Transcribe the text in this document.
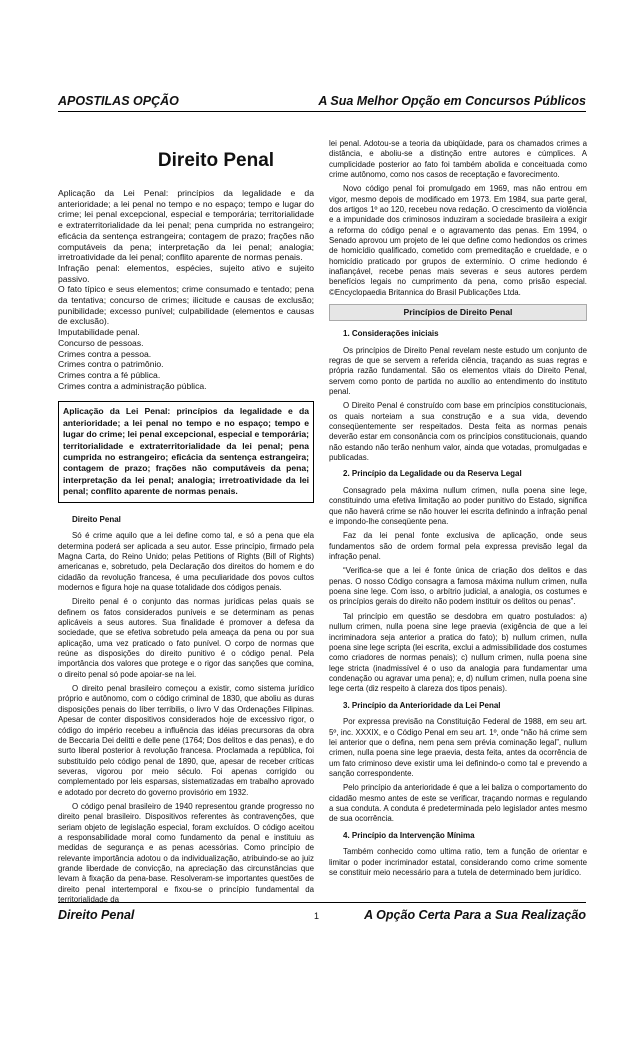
APOSTILAS OPÇÃO	A Sua Melhor Opção em Concursos Públicos
Direito Penal

Aplicação da Lei Penal: princípios da legalidade e da anterioridade; a lei penal no tempo e no espaço; tempo e lugar do crime; lei penal excepcional, especial e temporária; territorialidade e extraterritorialidade da lei penal; pena cumprida no estrangeiro; eficácia da sentença estrangeira; contagem de prazo; frações não computáveis da pena; interpretação da lei penal; analogia; irretroatividade da lei penal; conflito aparente de normas penais.

Infração penal: elementos, espécies, sujeito ativo e sujeito passivo.

O fato típico e seus elementos; crime consumado e tentado; pena da tentativa; concurso de crimes; ilicitude e causas de exclusão; punibilidade; excesso punível; culpabilidade (elementos e causas de exclusão).

Imputabilidade penal.

Concurso de pessoas.

Crimes contra a pessoa.

Crimes contra o patrimônio.

Crimes contra a fé pública.

Crimes contra a administração pública.

Aplicação da Lei Penal: princípios da legalidade e da anterioridade; a lei penal no tempo e no espaço; tempo e lugar do crime; lei penal excepcional, especial e temporária; territorialidade e extraterritorialidade da lei penal; pena cumprida no estrangeiro; eficácia da sentença estrangeira; contagem de prazo; frações não computáveis da pena; interpretação da lei penal; analogia; irretroatividade da lei penal; conflito aparente de normas penais.
Direito Penal

Só é crime aquilo que a lei define como tal, e só a pena que ela determina poderá ser aplicada a seu autor. Esse princípio, firmado pela Magna Carta, do Reino Unido; pelas Petitions of Rights (Bill of Rights) americanas e, sobretudo, pela Declaração dos direitos do homem e do cidadão da revolução francesa, é uma peculiaridade dos povos cultos modernos e figura hoje na quase totalidade dos códigos penais.

Direito penal é o conjunto das normas jurídicas pelas quais se definem os fatos considerados puníveis e se determinam as penas aplicáveis a seus autores. Sua finalidade é promover a defesa da sociedade, que se efetiva sobretudo pela ameaça da pena ou por sua aplicação, uma vez praticado o fato punível. O corpo de normas que reúne as disposições do direito punitivo é o código penal. Pela importância dos valores que protege e o rigor das sanções que comina, o direito penal só pode apoiar-se na lei.

O direito penal brasileiro começou a existir, como sistema jurídico próprio e autônomo, com o código criminal de 1830, que aboliu as duras disposições penais do líber terribilis, o livro V das Ordenações Filipinas. Apesar de conter dispositivos considerados hoje de excessivo rigor, o código do império recebeu a influência das idéias precursoras da obra de Beccaria Dei delitti e delle pene (1764; Dos delitos e das penas), e do surto liberal posterior à revolução francesa. Proclamada a república, foi substituído pelo código penal de 1890, que, apesar de receber críticas severas, vigorou por meio século. Foi apenas corrigido ou complementado por leis esparsas, sistematizadas em trabalho aprovado e adotado por decreto do governo provisório em 1932.

O código penal brasileiro de 1940 representou grande progresso no direito penal brasileiro. Dispositivos referentes às contravenções, que seriam objeto de legislação especial, foram excluídos. O código aceitou a responsabilidade moral como fundamento da penal e instituiu as medidas de segurança e as penas acessórias. Como princípio de relevante importância adotou o da individualização, atribuindo-se ao juiz grande liberdade de convicção, na apreciação das circunstâncias que levam à fixação da pena-base. Resolveram-se importantes questões de direito penal intertemporal e fixou-se o princípio fundamental da territorialidade da

lei penal. Adotou-se a teoria da ubiqüidade, para os chamados crimes a distância, e aboliu-se a distinção entre autores e cúmplices. A cumplicidade posterior ao fato foi também abolida e conceituada como crime autônomo, como nos casos de receptação e favorecimento.

Novo código penal foi promulgado em 1969, mas não entrou em vigor, mesmo depois de modificado em 1973. Em 1984, sua parte geral, dos artigos 1º ao 120, recebeu nova redação. O crescimento da violência e a impunidade dos criminosos induziram a sociedade brasileira a exigir a reforma do código penal e o agravamento das penas. Em 1994, o Senado aprovou um projeto de lei que define como hediondos os crimes de homicídio qualificado, cometido com premeditação e crueldade, e o homicídio praticado por grupos de extermínio. O crime hediondo é inafiançável, recebe penas mais severas e seus autores perdem benefícios legais no cumprimento da pena, como prisão especial. ©Encyclopaedia Britannica do Brasil Publicações Ltda.

Princípios de Direito Penal
1. Considerações iniciais

Os princípios de Direito Penal revelam neste estudo um conjunto de regras de que se servem a referida ciência, traçando as suas regras e própria razão fundamental. São os elementos vitais do Direito Penal, servem como ponto de partida no auxílio ao entendimento do instituto penal.

O Direito Penal é construído com base em princípios constitucionais, os quais norteiam a sua construção e a sua vida, devendo conseqüentemente ser respeitados. Desta feita as normas penais deverão estar em consonância com os princípios constitucionais, quando não estando não terão nenhum valor, ainda que votadas, promulgadas e publicadas.

2. Princípio da Legalidade ou da Reserva Legal

Consagrado pela máxima nullum crimen, nulla poena sine lege, constituindo uma efetiva limitação ao poder punitivo do Estado, significa que não haverá crime se não houver lei escrita definindo a infração penal e impondo-lhe conseqüente pena.

Faz da lei penal fonte exclusiva de aplicação, onde seus fundamentos são de ordem formal pela expressa previsão legal da infração penal.

“Verifica-se que a lei é fonte única de criação dos delitos e das penas. O nosso Código consagra a famosa máxima nullum crimen, nulla poena sine lege. Com isso, o arbítrio judicial, a analogia, os costumes e os princípios gerais do direito não podem instituir os delitos ou penas”.

Tal princípio em questão se desdobra em quatro postulados: a) nullum crimen, nulla poena sine lege praevia (exigência de que a lei incriminadora seja anterior a pratica do fato); b) nullum crimen, nulla poena sine lege scripta (lei escrita, exclui a admissibilidade dos costumes como criadores de normas penais); c) nullum crimen, nulla poena sine lege stricta (inadmissível é o uso da analogia para fundamentar uma condenação ou agravar uma pena); e, d) nullum crimen, nulla poena sine lege certa (diz respeito à clareza dos tipos penais).

3. Princípio da Anterioridade da Lei Penal

Por expressa previsão na Constituição Federal de 1988, em seu art. 5º, inc. XXXIX, e o Código Penal em seu art. 1º, onde “não há crime sem lei anterior que o defina, nem pena sem prévia cominação legal”, nullum crimen, nulla poena sine lege praevia, desta feita, antes da ocorrência de um fato criminoso deve existir uma lei definindo-o como tal e prevendo a sanção correspondente.

Pelo princípio da anterioridade é que a lei baliza o comportamento do cidadão mesmo antes de este se verificar, traçando normas e regulando a sua conduta. A conduta é predeterminada pelo legislador antes mesmo de sua ocorrência.

4. Princípio da Intervenção Mínima

Também conhecido como ultima ratio, tem a função de orientar e limitar o poder incriminador estatal, considerando como crime somente se constituir meio necessário para a tutela de determinado bem jurídico.

Direito Penal	1	A Opção Certa Para a Sua Realização
